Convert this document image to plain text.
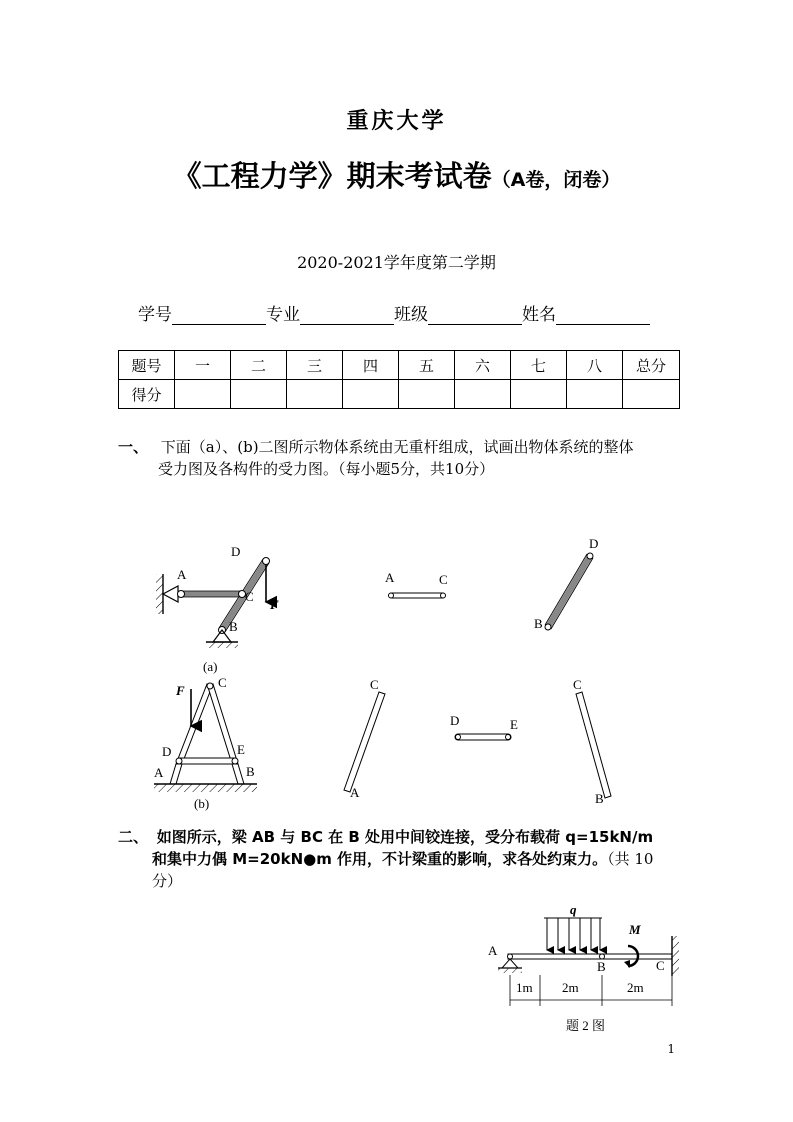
重庆大学
《工程力学》期末考试卷（A卷，闭卷）
2020-2021学年度第二学期
学号	专业	班级	姓名
题号	一	二	三	四	五	六	七	八	总分
得分									
一、 下面（a）、(b)二图所示物体系统由无重杆组成，试画出物体系统的整体
受力图及各构件的受力图。（每小题5分，共10分）
A
C
D
B
F
(a)
A	C
D
B
F
C
D	E
A	B
(b)
C
A
D	E
C
B
q
M
A
B	C
1m 2m	2m
题 2 图
二、 如图所示，梁 AB 与 BC 在 B 处用中间铰连接，受分布载荷 q=15kN/m
和集中力偶 M=20kN●m 作用，不计梁重的影响，求各处约束力。（共 10
分）
1
